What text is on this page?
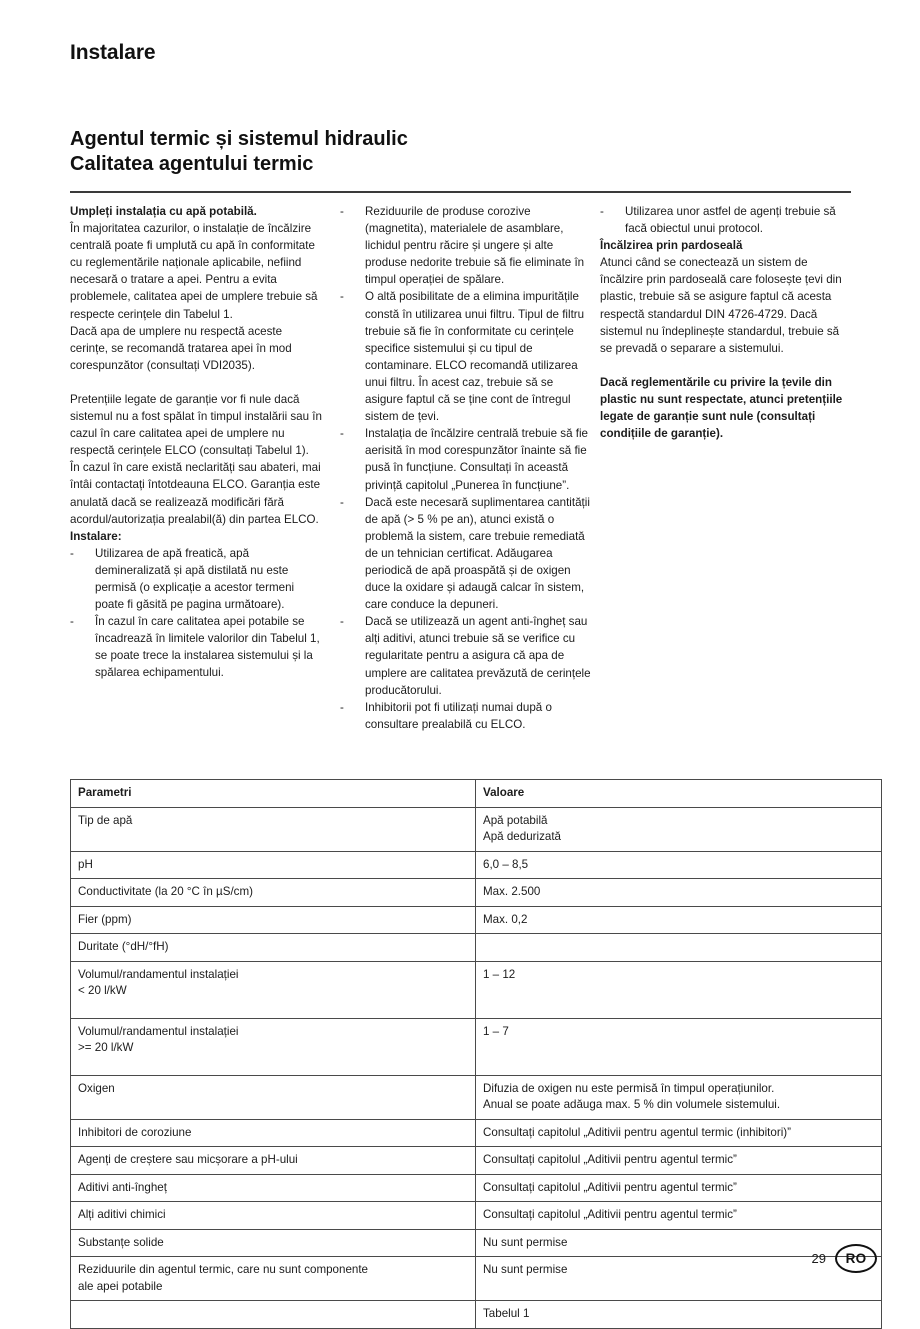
Instalare
Agentul termic și sistemul hidraulic
Calitatea agentului termic

Umpleți instalația cu apă potabilă.
În majoritatea cazurilor, o instalație de încălzire centrală poate fi umplută cu apă în conformitate cu reglementările naționale aplicabile, nefiind necesară o tratare a apei. Pentru a evita problemele, calitatea apei de umplere trebuie să respecte cerințele din Tabelul 1.
Dacă apa de umplere nu respectă aceste cerințe, se recomandă tratarea apei în mod corespunzător (consultați VDI2035).

Pretențiile legate de garanție vor fi nule dacă sistemul nu a fost spălat în timpul instalării sau în cazul în care calitatea apei de umplere nu respectă cerințele ELCO (consultați Tabelul 1).

În cazul în care există neclarități sau abateri, mai întâi contactați întotdeauna ELCO. Garanția este anulată dacă se realizează modificări fără acordul/autorizația prealabil(ă) din partea ELCO.

Instalare:

- Utilizarea de apă freatică, apă demineralizată și apă distilată nu este permisă (o explicație a acestor termeni poate fi găsită pe pagina următoare).
- În cazul în care calitatea apei potabile se încadrează în limitele valorilor din Tabelul 1, se poate trece la instalarea sistemului și la spălarea echipamentului.
- Reziduurile de produse corozive (magnetita), materialele de asamblare, lichidul pentru răcire și ungere și alte produse nedorite trebuie să fie eliminate în timpul operației de spălare.
- O altă posibilitate de a elimina impuritățile constă în utilizarea unui filtru. Tipul de filtru trebuie să fie în conformitate cu cerințele specifice sistemului și cu tipul de contaminare. ELCO recomandă utilizarea unui filtru. În acest caz, trebuie să se asigure faptul că se ține cont de întregul sistem de țevi.
- Instalația de încălzire centrală trebuie să fie aerisită în mod corespunzător înainte să fie pusă în funcțiune. Consultați în această privință capitolul „Punerea în funcțiune”.
- Dacă este necesară suplimentarea cantității de apă (> 5 % pe an), atunci există o problemă la sistem, care trebuie remediată de un tehnician certificat. Adăugarea periodică de apă proaspătă și de oxigen duce la oxidare și adaugă calcar în sistem, care conduce la depuneri.
- Dacă se utilizează un agent anti-îngheț sau alți aditivi, atunci trebuie să se verifice cu regularitate pentru a asigura că apa de umplere are calitatea prevăzută de cerințele producătorului.
- Inhibitorii pot fi utilizați numai după o consultare prealabilă cu ELCO.
- Utilizarea unor astfel de agenți trebuie să facă obiectul unui protocol.

Încălzirea prin pardoseală

Atunci când se conectează un sistem de încălzire prin pardoseală care folosește țevi din plastic, trebuie să se asigure faptul că acesta respectă standardul DIN 4726-4729. Dacă sistemul nu îndeplinește standardul, trebuie să se prevadă o separare a sistemului.

Dacă reglementările cu privire la țevile din plastic nu sunt respectate, atunci pretențiile legate de garanție sunt nule (consultați condițiile de garanție).

Parametri	Valoare
Tip de apă	Apă potabilă
Apă dedurizată
pH	6,0 – 8,5
Conductivitate (la 20 °C în µS/cm)	Max. 2.500
Fier (ppm)	Max. 0,2
Duritate (°dH/°fH)	
Volumul/randamentul instalației
< 20 l/kW	1 – 12
Volumul/randamentul instalației
>= 20 l/kW	1 – 7
Oxigen	Difuzia de oxigen nu este permisă în timpul operațiunilor.
Anual se poate adăuga max. 5 % din volumele sistemului.
Inhibitori de coroziune	Consultați capitolul „Aditivii pentru agentul termic (inhibitori)”
Agenți de creștere sau micșorare a pH-ului	Consultați capitolul „Aditivii pentru agentul termic”
Aditivi anti-îngheț	Consultați capitolul „Aditivii pentru agentul termic”
Alți aditivi chimici	Consultați capitolul „Aditivii pentru agentul termic”
Substanțe solide	Nu sunt permise
Reziduurile din agentul termic, care nu sunt componente
ale apei potabile	Nu sunt permise
	Tabelul 1
29	RO
